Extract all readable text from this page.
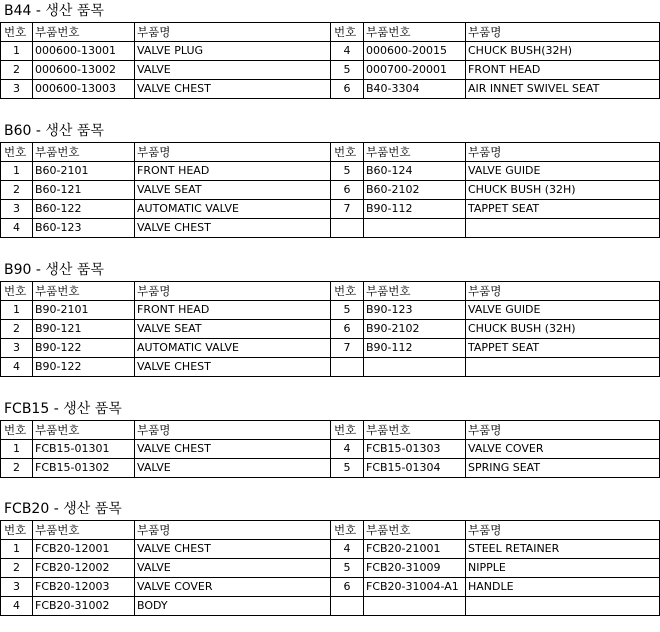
B44 - 생산 품목
번호	부품번호	부품명	번호	부품번호	부품명
1	000600-13001	VALVE PLUG	4	000600-20015	CHUCK BUSH(32H)
2	000600-13002	VALVE	5	000700-20001	FRONT HEAD
3	000600-13003	VALVE CHEST	6	B40-3304	AIR INNET SWIVEL SEAT
B60 - 생산 품목
번호	부품번호	부품명	번호	부품번호	부품명
1	B60-2101	FRONT HEAD	5	B60-124	VALVE GUIDE
2	B60-121	VALVE SEAT	6	B60-2102	CHUCK BUSH (32H)
3	B60-122	AUTOMATIC VALVE	7	B90-112	TAPPET SEAT
4	B60-123	VALVE CHEST			
B90 - 생산 품목
번호	부품번호	부품명	번호	부품번호	부품명
1	B90-2101	FRONT HEAD	5	B90-123	VALVE GUIDE
2	B90-121	VALVE SEAT	6	B90-2102	CHUCK BUSH (32H)
3	B90-122	AUTOMATIC VALVE	7	B90-112	TAPPET SEAT
4	B90-122	VALVE CHEST			
FCB15 - 생산 품목
번호	부품번호	부품명	번호	부품번호	부품명
1	FCB15-01301	VALVE CHEST	4	FCB15-01303	VALVE COVER
2	FCB15-01302	VALVE	5	FCB15-01304	SPRING SEAT
FCB20 - 생산 품목
번호	부품번호	부품명	번호	부품번호	부품명
1	FCB20-12001	VALVE CHEST	4	FCB20-21001	STEEL RETAINER
2	FCB20-12002	VALVE	5	FCB20-31009	NIPPLE
3	FCB20-12003	VALVE COVER	6	FCB20-31004-A1	HANDLE
4	FCB20-31002	BODY			
